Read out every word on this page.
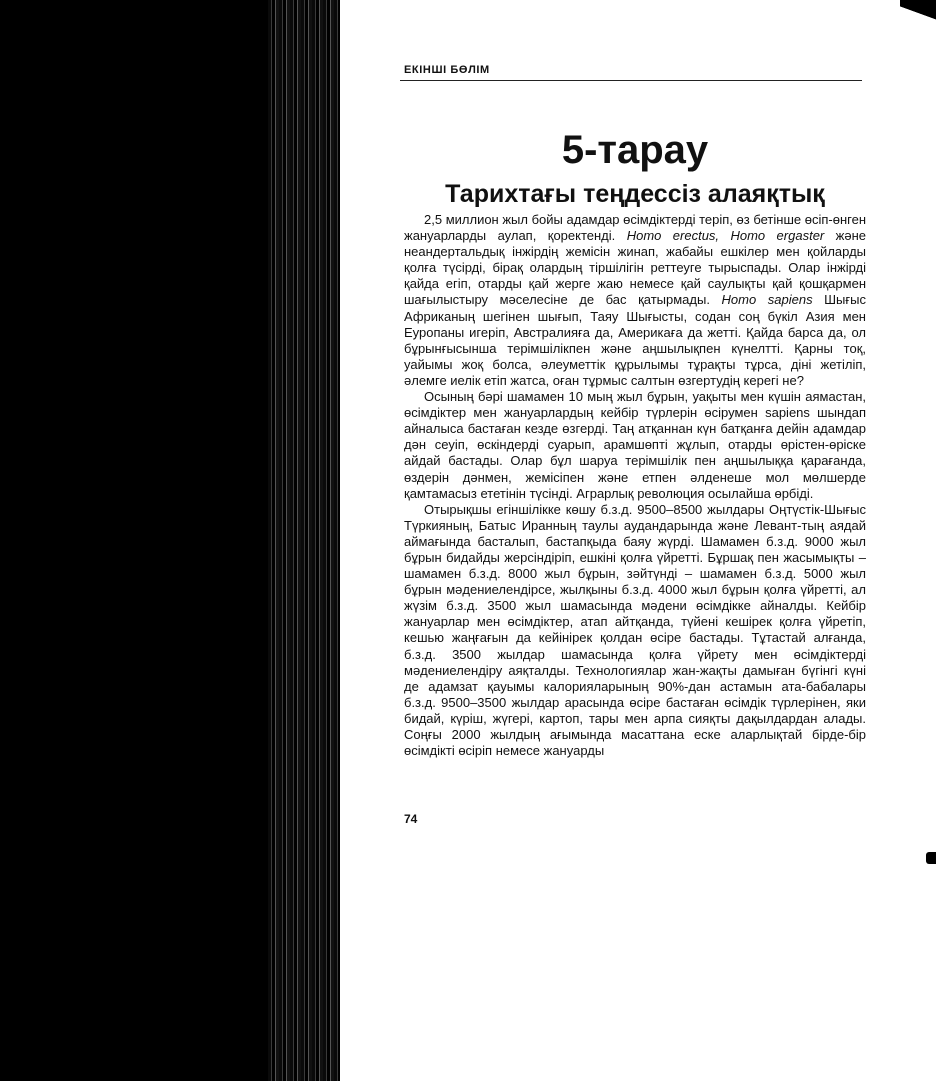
ЕКІНШІ БӨЛІМ
5-тарау
Тарихтағы теңдессіз алаяқтық

2,5 миллион жыл бойы адамдар өсімдіктерді теріп, өз бетінше өсіп-өнген жануарларды аулап, қоректенді. Homo erectus, Homo ergaster және неандертальдық інжірдің жемісін жинап, жабайы ешкілер мен қойларды қолға түсірді, бірақ олардың тіршілігін реттеуге тырыспады. Олар інжірді қайда егіп, отарды қай жерге жаю немесе қай саулықты қай қошқармен шағылыстыру мәселесіне де бас қатырмады. Homo sapiens Шығыс Африканың шегінен шығып, Таяу Шығысты, содан соң бүкіл Азия мен Еуропаны игеріп, Австралияға да, Америкаға да жетті. Қайда барса да, ол бұрынғысынша терімшілікпен және аңшылықпен күнелтті. Қарны тоқ, уайымы жоқ болса, әлеуметтік құрылымы тұрақты тұрса, діні жетіліп, әлемге иелік етіп жатса, оған тұрмыс салтын өзгертудің керегі не?

Осының бәрі шамамен 10 мың жыл бұрын, уақыты мен күшін аямастан, өсімдіктер мен жануарлардың кейбір түрлерін өсірумен sapiens шындап айналыса бастаған кезде өзгерді. Таң атқаннан күн батқанға дейін адамдар дән сеуіп, өскіндерді суарып, арамшөпті жұлып, отарды өрістен-өріске айдай бастады. Олар бұл шаруа терімшілік пен аңшылыққа қарағанда, өздерін дәнмен, жемісіпен және етпен әлденеше мол мөлшерде қамтамасыз ететінін түсінді. Аграрлық революция осылайша өрбіді.

Отырықшы егіншілікке көшу б.з.д. 9500–8500 жылдары Оңтүстік-Шығыс Түркияның, Батыс Иранның таулы аудандарында және Левант-тың аядай аймағында басталып, бастапқыда баяу жүрді. Шамамен б.з.д. 9000 жыл бұрын бидайды жерсіндіріп, ешкіні қолға үйретті. Бұршақ пен жасымықты – шамамен б.з.д. 8000 жыл бұрын, зәйтүнді – шамамен б.з.д. 5000 жыл бұрын мәдениелендірсе, жылқыны б.з.д. 4000 жыл бұрын қолға үйретті, ал жүзім б.з.д. 3500 жыл шамасында мәдени өсімдікке айналды. Кейбір жануарлар мен өсімдіктер, атап айтқанда, түйені кешірек қолға үйретіп, кешью жаңғағын да кейінірек қолдан өсіре бастады. Тұтастай алғанда, б.з.д. 3500 жылдар шамасында қолға үйрету мен өсімдіктерді мәдениелендіру аяқталды. Технологиялар жан-жақты дамыған бүгінгі күні де адамзат қауымы калорияларының 90%-дан астамын ата-бабалары б.з.д. 9500–3500 жылдар арасында өсіре бастаған өсімдік түрлерінен, яки бидай, күріш, жүгері, картоп, тары мен арпа сияқты дақылдардан алады. Соңғы 2000 жылдың ағымында масаттана еске аларлықтай бірде-бір өсімдікті өсіріп немесе жануарды

74
